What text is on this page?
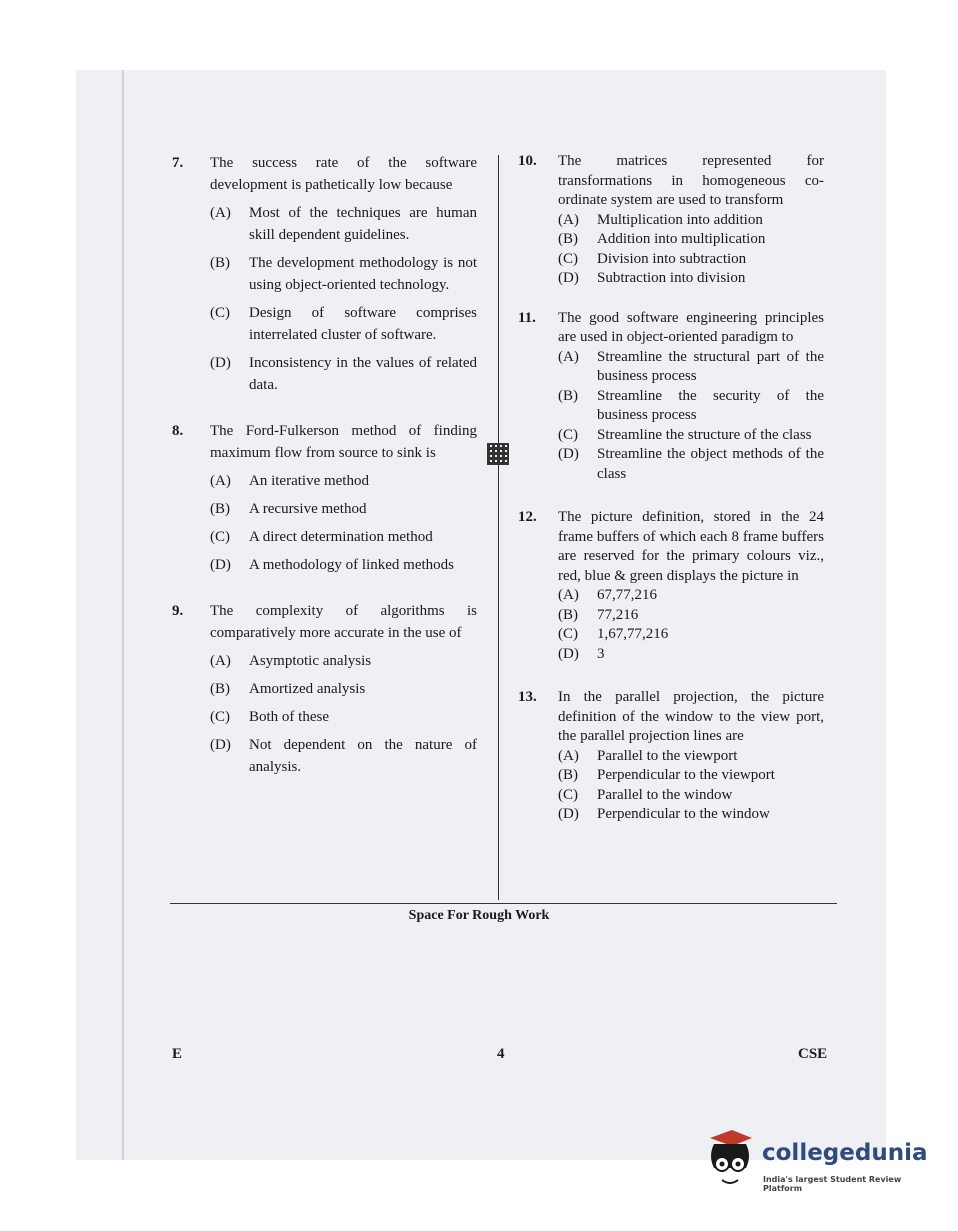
7. The success rate of the software development is pathetically low because

(A) Most of the techniques are human skill dependent guidelines.
(B) The development methodology is not using object-oriented technology.
(C) Design of software comprises interrelated cluster of software.
(D) Inconsistency in the values of related data.
8. The Ford-Fulkerson method of finding maximum flow from source to sink is

(A) An iterative method
(B) A recursive method
(C) A direct determination method
(D) A methodology of linked methods
9. The complexity of algorithms is comparatively more accurate in the use of

(A) Asymptotic analysis
(B) Amortized analysis
(C) Both of these
(D) Not dependent on the nature of analysis.
10. The matrices represented for transformations in homogeneous co-ordinate system are used to transform

(A) Multiplication into addition
(B) Addition into multiplication
(C) Division into subtraction
(D) Subtraction into division
11. The good software engineering principles are used in object-oriented paradigm to

(A) Streamline the structural part of the business process
(B) Streamline the security of the business process
(C) Streamline the structure of the class
(D) Streamline the object methods of the class
12. The picture definition, stored in the 24 frame buffers of which each 8 frame buffers are reserved for the primary colours viz., red, blue & green displays the picture in

(A) 67,77,216
(B) 77,216
(C) 1,67,77,216
(D) 3
13. In the parallel projection, the picture definition of the window to the view port, the parallel projection lines are

(A) Parallel to the viewport
(B) Perpendicular to the viewport
(C) Parallel to the window
(D) Perpendicular to the window
Space For Rough Work
E	4	CSE
collegedunia
India's largest Student Review Platform
